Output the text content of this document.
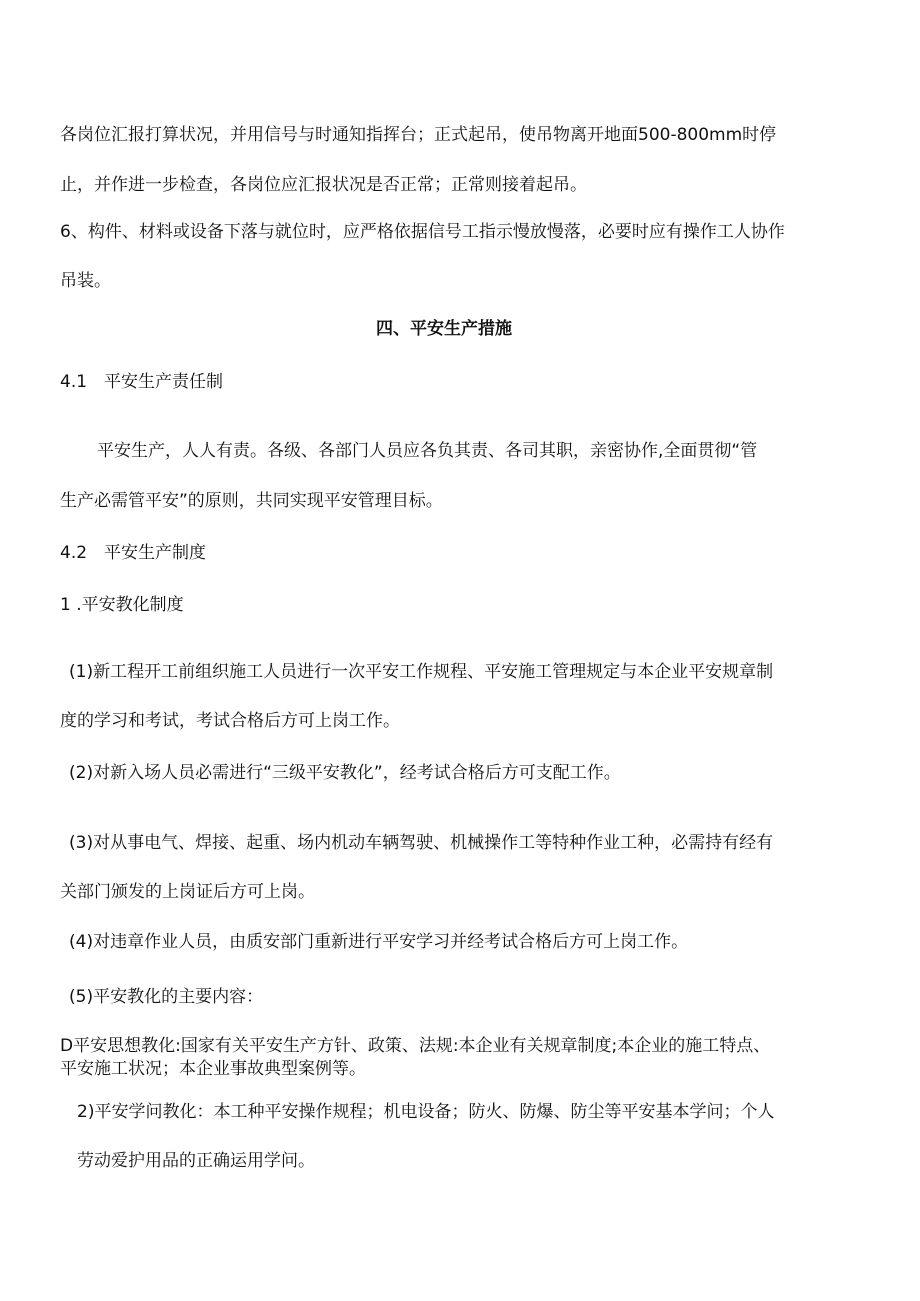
各岗位汇报打算状况，并用信号与时通知指挥台；正式起吊，使吊物离开地面500-800mm时停

止，并作进一步检查，各岗位应汇报状况是否正常；正常则接着起吊。

6、构件、材料或设备下落与就位时，应严格依据信号工指示慢放慢落，必要时应有操作工人协作

吊装。

四、平安生产措施

4.1　平安生产责任制

平安生产，人人有责。各级、各部门人员应各负其责、各司其职，亲密协作,全面贯彻“管

生产必需管平安”的原则，共同实现平安管理目标。

4.2　平安生产制度

1 .平安教化制度

(1)新工程开工前组织施工人员进行一次平安工作规程、平安施工管理规定与本企业平安规章制

度的学习和考试，考试合格后方可上岗工作。

(2)对新入场人员必需进行“三级平安教化”，经考试合格后方可支配工作。

(3)对从事电气、焊接、起重、场内机动车辆驾驶、机械操作工等特种作业工种，必需持有经有

关部门颁发的上岗证后方可上岗。

(4)对违章作业人员，由质安部门重新进行平安学习并经考试合格后方可上岗工作。

(5)平安教化的主要内容：

D平安思想教化:国家有关平安生产方针、政策、法规:本企业有关规章制度;本企业的施工特点、

平安施工状况；本企业事故典型案例等。

2)平安学问教化：本工种平安操作规程；机电设备；防火、防爆、防尘等平安基本学问；个人

劳动爱护用品的正确运用学问。
